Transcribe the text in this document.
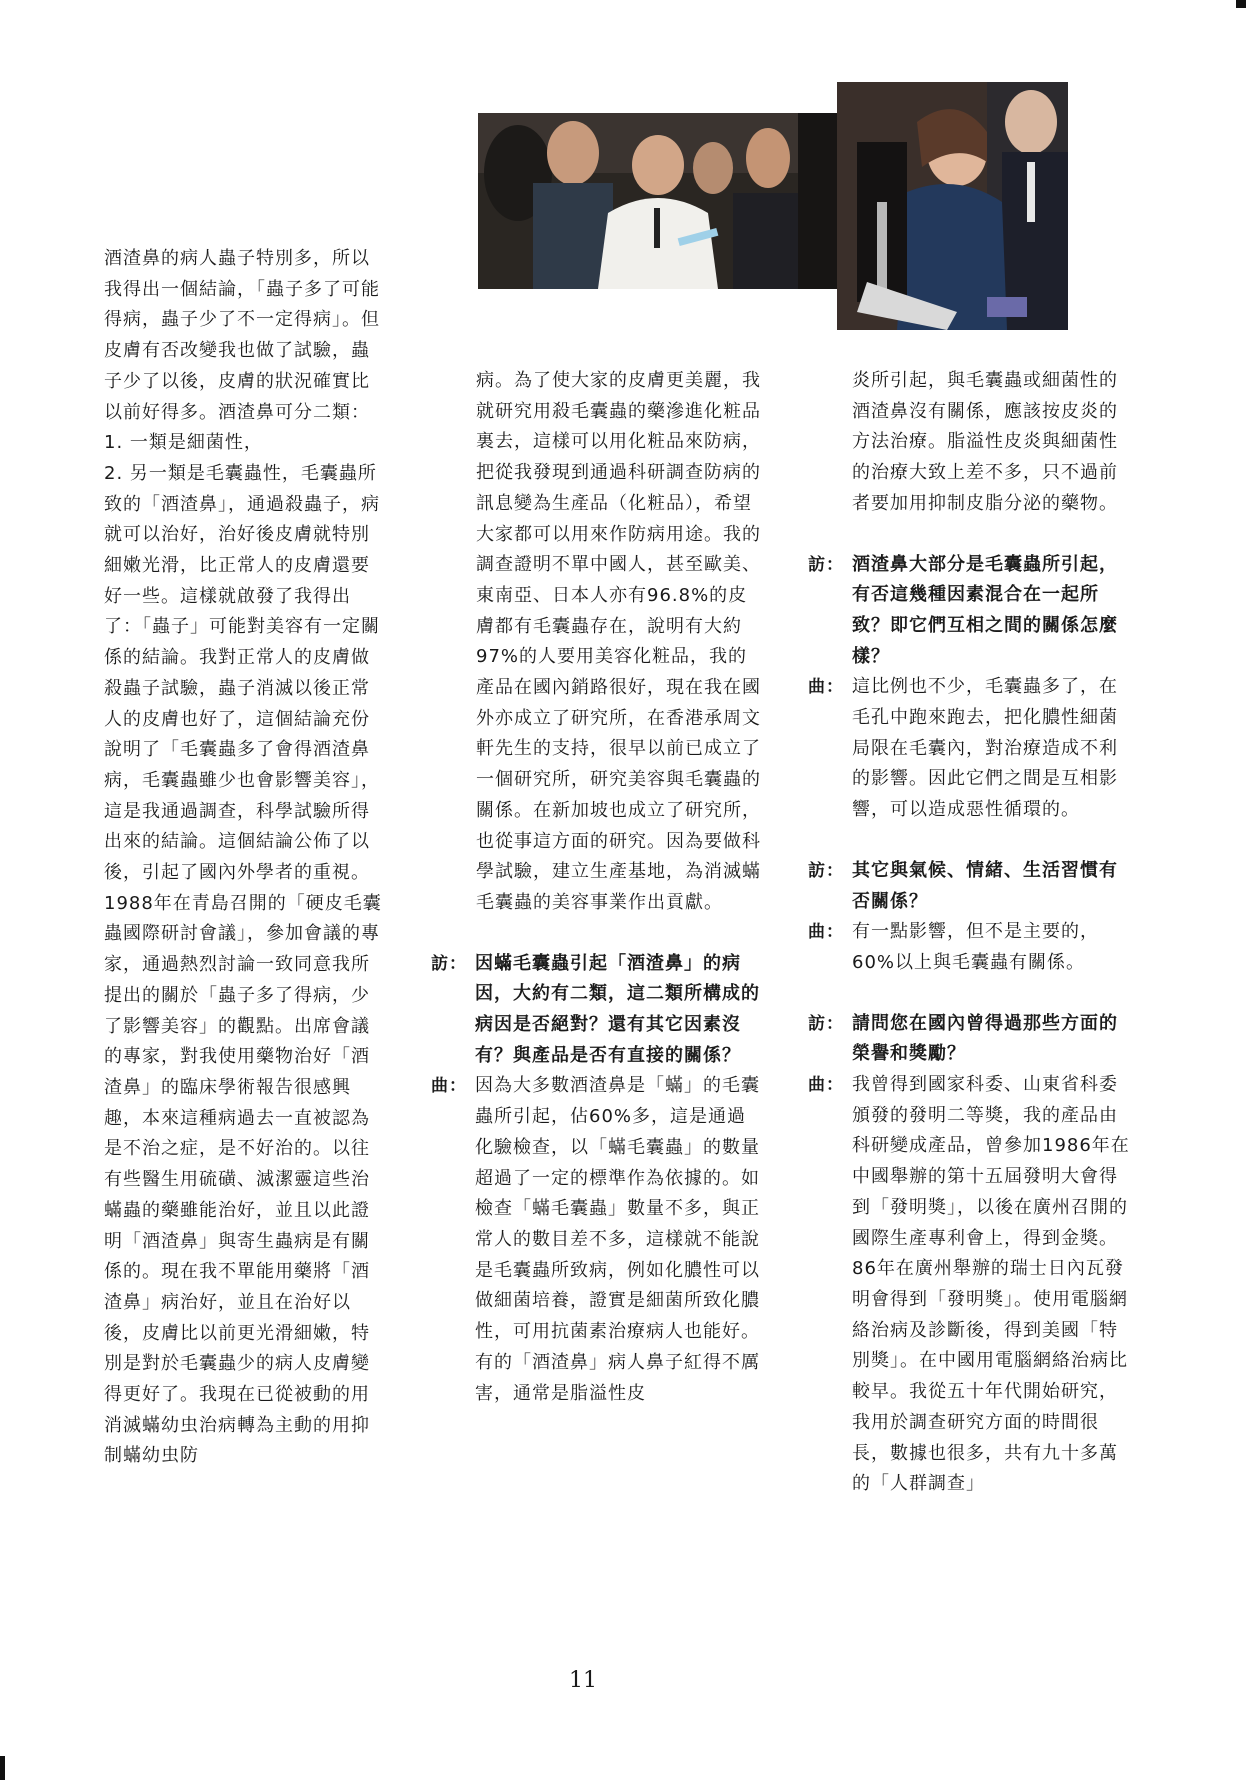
酒渣鼻的病人蟲子特別多，所以我得出一個結論，「蟲子多了可能得病，蟲子少了不一定得病」。但皮膚有否改變我也做了試驗，蟲子少了以後，皮膚的狀況確實比以前好得多。酒渣鼻可分二類：

1. 一類是細菌性，

2. 另一類是毛囊蟲性，毛囊蟲所致的「酒渣鼻」，通過殺蟲子，病就可以治好，治好後皮膚就特別細嫩光滑，比正常人的皮膚還要好一些。這樣就啟發了我得出了：「蟲子」可能對美容有一定關係的結論。我對正常人的皮膚做殺蟲子試驗，蟲子消滅以後正常人的皮膚也好了，這個結論充份說明了「毛囊蟲多了會得酒渣鼻病，毛囊蟲雖少也會影響美容」，這是我通過調查，科學試驗所得出來的結論。這個結論公佈了以後，引起了國內外學者的重視。1988年在青島召開的「硬皮毛囊蟲國際研討會議」，參加會議的專家，通過熱烈討論一致同意我所提出的關於「蟲子多了得病，少了影響美容」的觀點。出席會議的專家，對我使用藥物治好「酒渣鼻」的臨床學術報告很感興趣，本來這種病過去一直被認為是不治之症，是不好治的。以往有些醫生用硫磺、滅潔靈這些治蟎蟲的藥雖能治好，並且以此證明「酒渣鼻」與寄生蟲病是有關係的。現在我不單能用藥將「酒渣鼻」病治好，並且在治好以後，皮膚比以前更光滑細嫩，特別是對於毛囊蟲少的病人皮膚變得更好了。我現在已從被動的用消滅蟎幼虫治病轉為主動的用抑制蟎幼虫防

病。為了使大家的皮膚更美麗，我就研究用殺毛囊蟲的藥滲進化粧品裏去，這樣可以用化粧品來防病，把從我發現到通過科研調查防病的訊息變為生產品（化粧品），希望大家都可以用來作防病用途。我的調查證明不單中國人，甚至歐美、東南亞、日本人亦有96.8%的皮膚都有毛囊蟲存在，說明有大約97%的人要用美容化粧品，我的產品在國內銷路很好，現在我在國外亦成立了研究所，在香港承周文軒先生的支持，很早以前已成立了一個研究所，研究美容與毛囊蟲的關係。在新加坡也成立了研究所，也從事這方面的研究。因為要做科學試驗，建立生產基地，為消滅蟎毛囊蟲的美容事業作出貢獻。

訪： 因蟎毛囊蟲引起「酒渣鼻」的病因，大約有二類，這二類所構成的病因是否絕對？還有其它因素沒有？與產品是否有直接的關係？

曲： 因為大多數酒渣鼻是「蟎」的毛囊蟲所引起，佔60%多，這是通過化驗檢查，以「蟎毛囊蟲」的數量超過了一定的標準作為依據的。如檢查「蟎毛囊蟲」數量不多，與正常人的數目差不多，這樣就不能說是毛囊蟲所致病，例如化膿性可以做細菌培養，證實是細菌所致化膿性，可用抗菌素治療病人也能好。有的「酒渣鼻」病人鼻子紅得不厲害，通常是脂溢性皮

炎所引起，與毛囊蟲或細菌性的酒渣鼻沒有關係，應該按皮炎的方法治療。脂溢性皮炎與細菌性的治療大致上差不多，只不過前者要加用抑制皮脂分泌的藥物。

訪： 酒渣鼻大部分是毛囊蟲所引起，有否這幾種因素混合在一起所致？即它們互相之間的關係怎麼樣？

曲： 這比例也不少，毛囊蟲多了，在毛孔中跑來跑去，把化膿性細菌局限在毛囊內，對治療造成不利的影響。因此它們之間是互相影響，可以造成惡性循環的。

訪： 其它與氣候、情緒、生活習慣有否關係？

曲： 有一點影響，但不是主要的，60%以上與毛囊蟲有關係。

訪： 請問您在國內曾得過那些方面的榮譽和獎勵？

曲： 我曾得到國家科委、山東省科委頒發的發明二等獎，我的產品由科研變成產品，曾參加1986年在中國舉辦的第十五屆發明大會得到「發明獎」，以後在廣州召開的國際生產專利會上，得到金獎。86年在廣州舉辦的瑞士日內瓦發明會得到「發明獎」。使用電腦網絡治病及診斷後，得到美國「特別獎」。在中國用電腦網絡治病比較早。我從五十年代開始研究，我用於調查研究方面的時間很長，數據也很多，共有九十多萬的「人群調查」

11
